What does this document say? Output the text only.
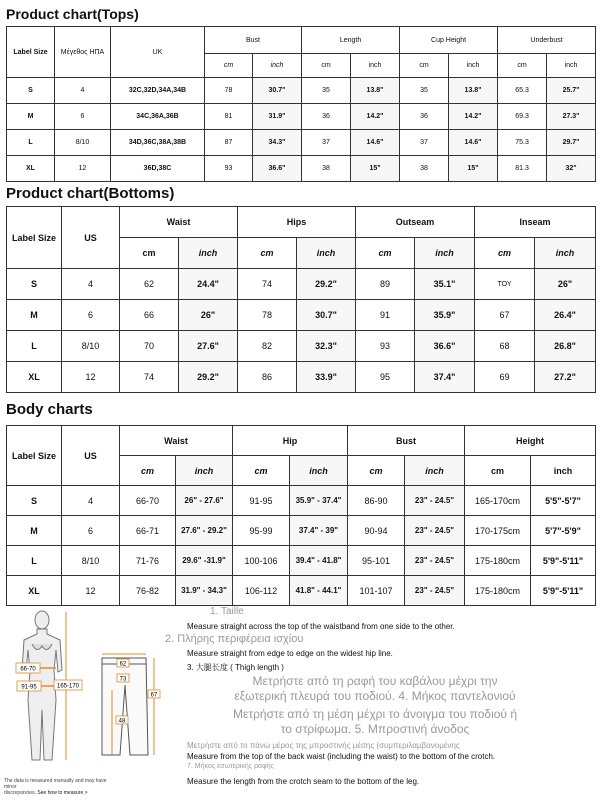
Product chart(Tops)
Label Size	Μέγεθος ΗΠΑ	UK	Bust		Length		Cup Height		Underbust	
			cm	inch	cm	inch	cm	inch	cm	inch
S	4	32C,32D,34A,34B	78	30.7"	35	13.8"	35	13.8"	65.3	25.7"
M	6	34C,36A,36B	81	31.9"	36	14.2"	36	14.2"	69.3	27.3"
L	8/10	34D,36C,38A,38B	87	34.3"	37	14.6"	37	14.6"	75.3	29.7"
XL	12	36D,38C	93	36.6"	38	15"	38	15"	81.3	32"
Product chart(Bottoms)
Label Size	US	Waist		Hips		Outseam		Inseam	
		cm	inch	cm	inch	cm	inch	cm	inch
S	4	62	24.4"	74	29.2"	89	35.1"	ΤΟΥ	26"
M	6	66	26"	78	30.7"	91	35.9"	67	26.4"
L	8/10	70	27.6"	82	32.3"	93	36.6"	68	26.8"
XL	12	74	29.2"	86	33.9"	95	37.4"	69	27.2"
Body charts
Label Size	US	Waist		Hip		Bust		Height	
		cm	inch	cm	inch	cm	inch	cm	inch
S	4	66-70	26" - 27.6"	91-95	35.9" - 37.4"	86-90	23" - 24.5"	165-170cm	5'5"-5'7"
M	6	66-71	27.6" - 29.2"	95-99	37.4" - 39"	90-94	23" - 24.5"	170-175cm	5'7"-5'9"
L	8/10	71-76	29.6" -31.9"	100-106	39.4" - 41.8"	95-101	23" - 24.5"	175-180cm	5'9"-5'11"
XL	12	76-82	31.9" - 34.3"	106-112	41.8" - 44.1"	101-107	23" - 24.5"	175-180cm	5'9"-5'11"
66-70
91-95	165-170
62
73
67
48
1. Taille
Measure straight across the top of the waistband from one side to the other.
2. Πλήρης περιφέρεια ισχίου
Measure straight from edge to edge on the widest hip line.
3. 大腿长度 ( Thigh length )
Μετρήστε από τη ραφή του καβάλου μέχρι την
εξωτερική πλευρά του ποδιού. 4. Μήκος παντελονιού
Μετρήστε από τη μέση μέχρι το άνοιγμα του ποδιού ή
το στρίφωμα. 5. Μπροστινή άνοδος
Μετρήστε από το πάνω μέρος της μπροστινής μέσης (συμπεριλαμβανομένης
Measure from the top of the back waist (including the waist) to the bottom of the crotch.
7. Μήκος εσωτερικής ραφής
Measure the length from the crotch seam to the bottom of the leg.
The data is measured manually and may have minor
discrepancies. See how to measure >
